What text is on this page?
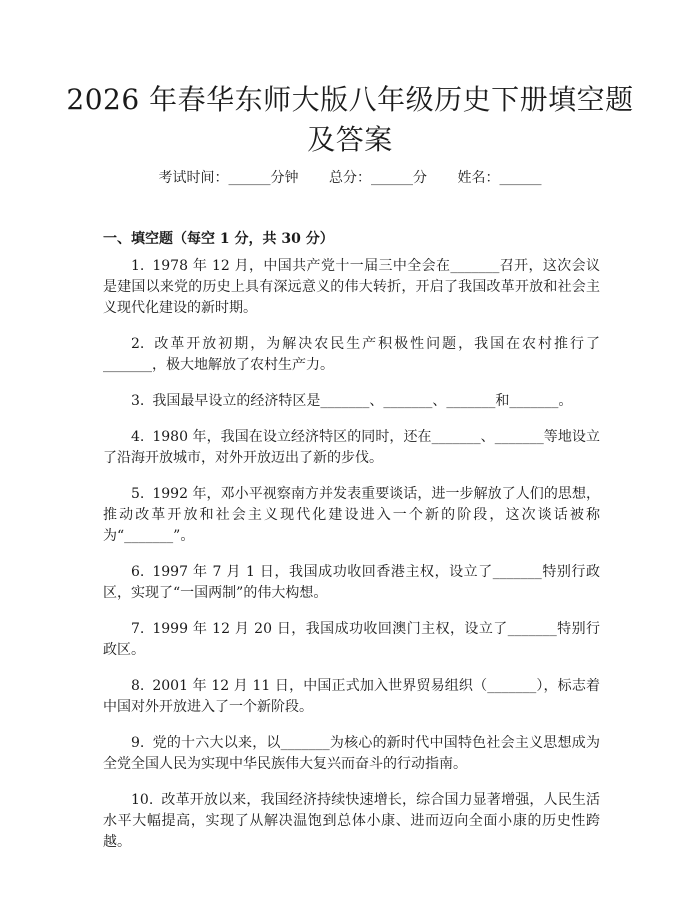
2026 年春华东师大版八年级历史下册填空题
及答案
考试时间：______分钟 总分：______分 姓名：______
一、填空题（每空 1 分，共 30 分）
1. 1978 年 12 月，中国共产党十一届三中全会在_______召开，这次会议是建国以来党的历史上具有深远意义的伟大转折，开启了我国改革开放和社会主义现代化建设的新时期。
2. 改革开放初期，为解决农民生产积极性问题，我国在农村推行了_______，极大地解放了农村生产力。
3. 我国最早设立的经济特区是_______、_______、_______和_______。
4. 1980 年，我国在设立经济特区的同时，还在_______、_______等地设立了沿海开放城市，对外开放迈出了新的步伐。
5. 1992 年，邓小平视察南方并发表重要谈话，进一步解放了人们的思想，推动改革开放和社会主义现代化建设进入一个新的阶段，这次谈话被称为“_______”。
6. 1997 年 7 月 1 日，我国成功收回香港主权，设立了_______特别行政区，实现了“一国两制”的伟大构想。
7. 1999 年 12 月 20 日，我国成功收回澳门主权，设立了_______特别行政区。
8. 2001 年 12 月 11 日，中国正式加入世界贸易组织（_______），标志着中国对外开放进入了一个新阶段。
9. 党的十六大以来，以_______为核心的新时代中国特色社会主义思想成为全党全国人民为实现中华民族伟大复兴而奋斗的行动指南。
10. 改革开放以来，我国经济持续快速增长，综合国力显著增强，人民生活水平大幅提高，实现了从解决温饱到总体小康、进而迈向全面小康的历史性跨越。
